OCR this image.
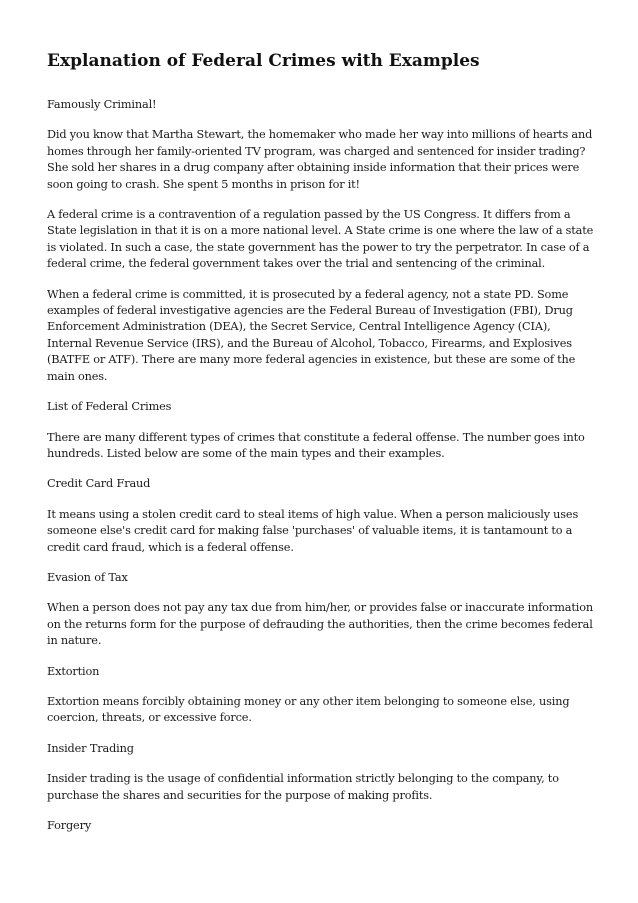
Explanation of Federal Crimes with Examples

Famously Criminal!

Did you know that Martha Stewart, the homemaker who made her way into millions of hearts and homes through her family-oriented TV program, was charged and sentenced for insider trading? She sold her shares in a drug company after obtaining inside information that their prices were soon going to crash. She spent 5 months in prison for it!

A federal crime is a contravention of a regulation passed by the US Congress. It differs from a State legislation in that it is on a more national level. A State crime is one where the law of a state is violated. In such a case, the state government has the power to try the perpetrator. In case of a federal crime, the federal government takes over the trial and sentencing of the criminal.

When a federal crime is committed, it is prosecuted by a federal agency, not a state PD. Some examples of federal investigative agencies are the Federal Bureau of Investigation (FBI), Drug Enforcement Administration (DEA), the Secret Service, Central Intelligence Agency (CIA), Internal Revenue Service (IRS), and the Bureau of Alcohol, Tobacco, Firearms, and Explosives (BATFE or ATF). There are many more federal agencies in existence, but these are some of the main ones.

List of Federal Crimes

There are many different types of crimes that constitute a federal offense. The number goes into hundreds. Listed below are some of the main types and their examples.

Credit Card Fraud

It means using a stolen credit card to steal items of high value. When a person maliciously uses someone else's credit card for making false 'purchases' of valuable items, it is tantamount to a credit card fraud, which is a federal offense.

Evasion of Tax

When a person does not pay any tax due from him/her, or provides false or inaccurate information on the returns form for the purpose of defrauding the authorities, then the crime becomes federal in nature.

Extortion

Extortion means forcibly obtaining money or any other item belonging to someone else, using coercion, threats, or excessive force.

Insider Trading

Insider trading is the usage of confidential information strictly belonging to the company, to purchase the shares and securities for the purpose of making profits.

Forgery
